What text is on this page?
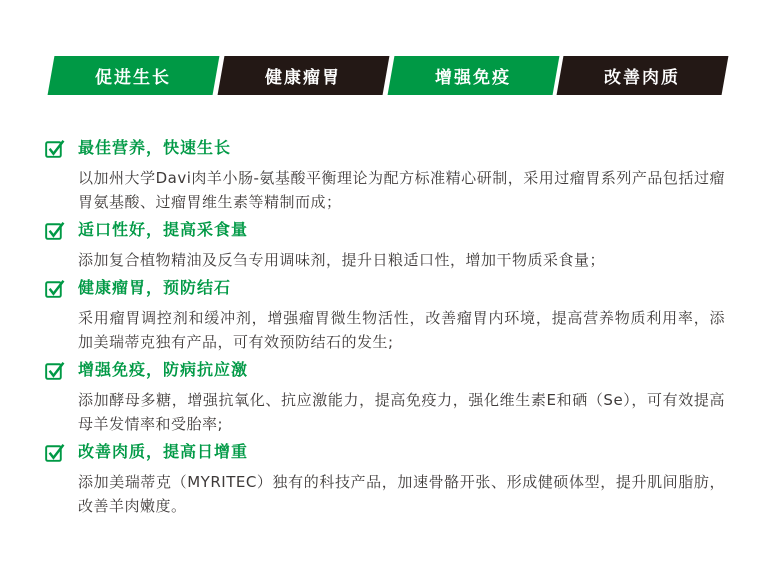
促进生长	健康瘤胃	增强免疫	改善肉质
最佳营养，快速生长

以加州大学Davi肉羊小肠-氨基酸平衡理论为配方标准精心研制，采用过瘤胃系列产品包括过瘤胃氨基酸、过瘤胃维生素等精制而成；

适口性好，提高采食量

添加复合植物精油及反刍专用调味剂，提升日粮适口性，增加干物质采食量；

健康瘤胃，预防结石

采用瘤胃调控剂和缓冲剂，增强瘤胃微生物活性，改善瘤胃内环境，提高营养物质利用率，添加美瑞蒂克独有产品，可有效预防结石的发生;

增强免疫，防病抗应激

添加酵母多糖，增强抗氧化、抗应激能力，提高免疫力，强化维生素E和硒（Se），可有效提高母羊发情率和受胎率;

改善肉质，提高日增重

添加美瑞蒂克（MYRITEC）独有的科技产品，加速骨骼开张、形成健硕体型，提升肌间脂肪，改善羊肉嫩度。
